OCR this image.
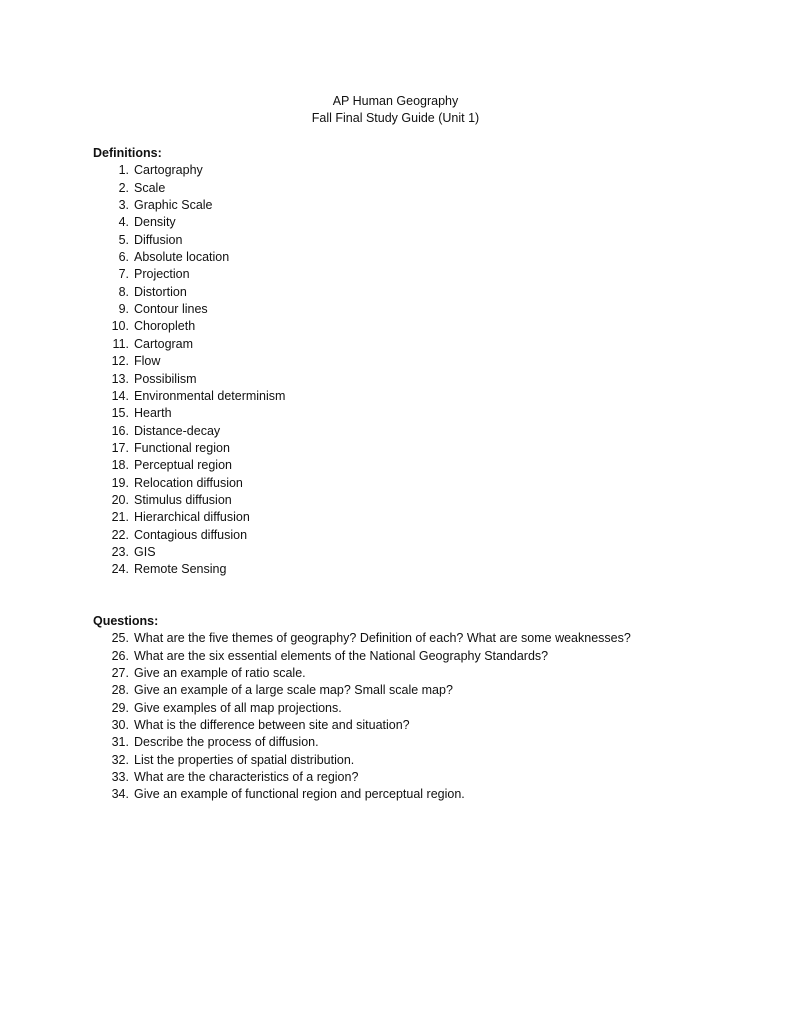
AP Human Geography
Fall Final Study Guide (Unit 1)
Definitions:
1. Cartography
2. Scale
3. Graphic Scale
4. Density
5. Diffusion
6. Absolute location
7. Projection
8. Distortion
9. Contour lines
10. Choropleth
11. Cartogram
12. Flow
13. Possibilism
14. Environmental determinism
15. Hearth
16. Distance-decay
17. Functional region
18. Perceptual region
19. Relocation diffusion
20. Stimulus diffusion
21. Hierarchical diffusion
22. Contagious diffusion
23. GIS
24. Remote Sensing
Questions:
25. What are the five themes of geography? Definition of each? What are some weaknesses?
26. What are the six essential elements of the National Geography Standards?
27. Give an example of ratio scale.
28. Give an example of a large scale map? Small scale map?
29. Give examples of all map projections.
30. What is the difference between site and situation?
31. Describe the process of diffusion.
32. List the properties of spatial distribution.
33. What are the characteristics of a region?
34. Give an example of functional region and perceptual region.
